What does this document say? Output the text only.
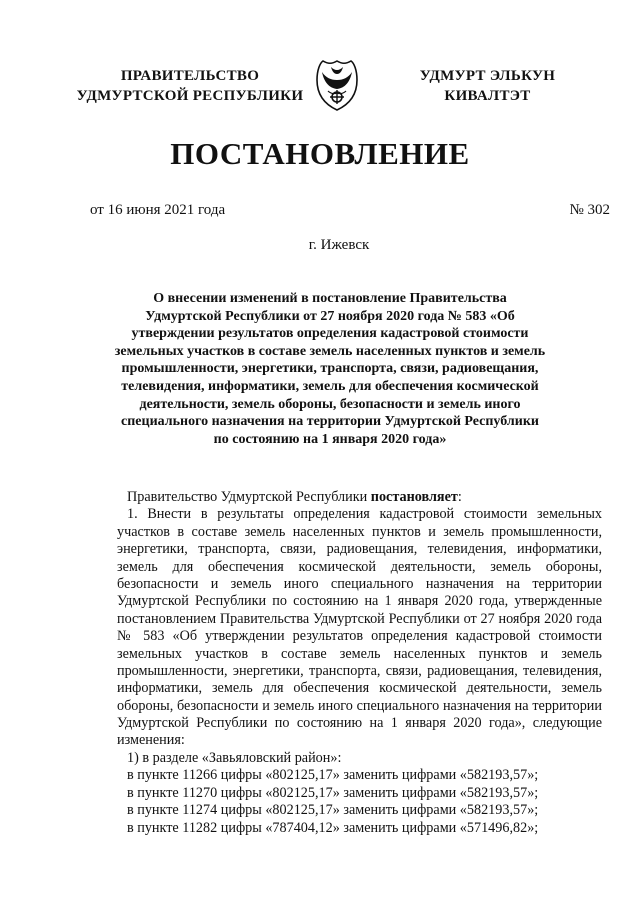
ПРАВИТЕЛЬСТВО
УДМУРТСКОЙ РЕСПУБЛИКИ
УДМУРТ ЭЛЬКУН
КИВАЛТЭТ
ПОСТАНОВЛЕНИЕ
от 16 июня 2021 года	№ 302
г. Ижевск
О внесении изменений в постановление Правительства
Удмуртской Республики от 27 ноября 2020 года № 583 «Об
утверждении результатов определения кадастровой стоимости
земельных участков в составе земель населенных пунктов и земель
промышленности, энергетики, транспорта, связи, радиовещания,
телевидения, информатики, земель для обеспечения космической
деятельности, земель обороны, безопасности и земель иного
специального назначения на территории Удмуртской Республики
по состоянию на 1 января 2020 года»
Правительство Удмуртской Республики постановляет:
1. Внести в результаты определения кадастровой стоимости земельных
участков в составе земель населенных пунктов и земель промышленности,
энергетики, транспорта, связи, радиовещания, телевидения, информатики,
земель для обеспечения космической деятельности, земель обороны,
безопасности и земель иного специального назначения на территории
Удмуртской Республики по состоянию на 1 января 2020 года, утвержденные
постановлением Правительства Удмуртской Республики от 27 ноября 2020 года
№ 583 «Об утверждении результатов определения кадастровой стоимости
земельных участков в составе земель населенных пунктов и земель
промышленности, энергетики, транспорта, связи, радиовещания, телевидения,
информатики, земель для обеспечения космической деятельности, земель
обороны, безопасности и земель иного специального назначения на территории
Удмуртской Республики по состоянию на 1 января 2020 года», следующие
изменения:
1) в разделе «Завьяловский район»:
в пункте 11266 цифры «802125,17» заменить цифрами «582193,57»;
в пункте 11270 цифры «802125,17» заменить цифрами «582193,57»;
в пункте 11274 цифры «802125,17» заменить цифрами «582193,57»;
в пункте 11282 цифры «787404,12» заменить цифрами «571496,82»;
